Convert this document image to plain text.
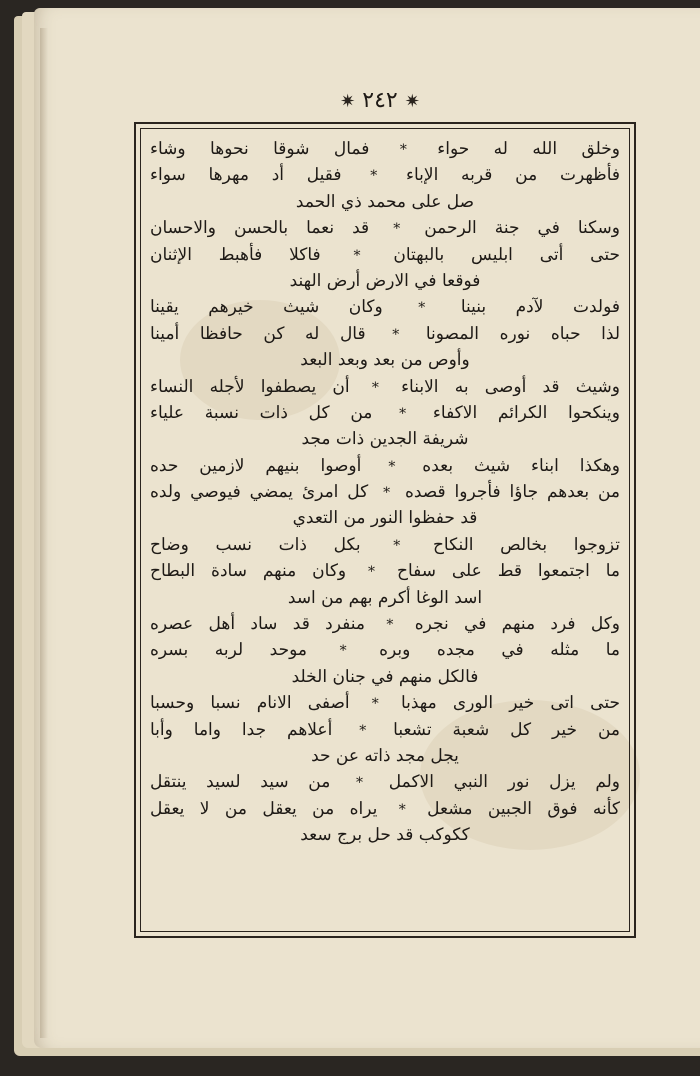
✷ ٢٤٢ ✷
وخلق الله له حواء * فمال شوقا نحوها وشاء
فأظهرت من قربه الإباء * فقيل أد مهرها سواء
صل على محمد ذي الحمد
وسكنا في جنة الرحمن * قد نعما بالحسن والاحسان
حتى أتى ابليس بالبهتان * فاكلا فأهبط الإثنان
فوقعا في الارض أرض الهند
فولدت لآدم بنينا * وكان شيث خيرهم يقينا
لذا حباه نوره المصونا * قال له كن حافظا أمينا
وأوص من بعد وبعد البعد
وشيث قد أوصى به الابناء * أن يصطفوا لأجله النساء
وينكحوا الكرائم الاكفاء * من كل ذات نسبة علياء
شريفة الجدين ذات مجد
وهكذا ابناء شيث بعده * أوصوا بنيهم لازمين حده
من بعدهم جاؤا فأجروا قصده * كل امرئ يمضي فيوصي ولده
قد حفظوا النور من التعدي
تزوجوا بخالص النكاح * بكل ذات نسب وضاح
ما اجتمعوا قط على سفاح * وكان منهم سادة البطاح
اسد الوغا أكرم بهم من اسد
وكل فرد منهم في نجره * منفرد قد ساد أهل عصره
ما مثله في مجده وبره * موحد لربه بسره
فالكل منهم في جنان الخلد
حتى اتى خير الورى مهذبا * أصفى الانام نسبا وحسبا
من خير كل شعبة تشعبا * أعلاهم جدا واما وأبا
يجل مجد ذاته عن حد
ولم يزل نور النبي الاكمل * من سيد لسيد ينتقل
كأنه فوق الجبين مشعل * يراه من يعقل من لا يعقل
ككوكب قد حل برج سعد
